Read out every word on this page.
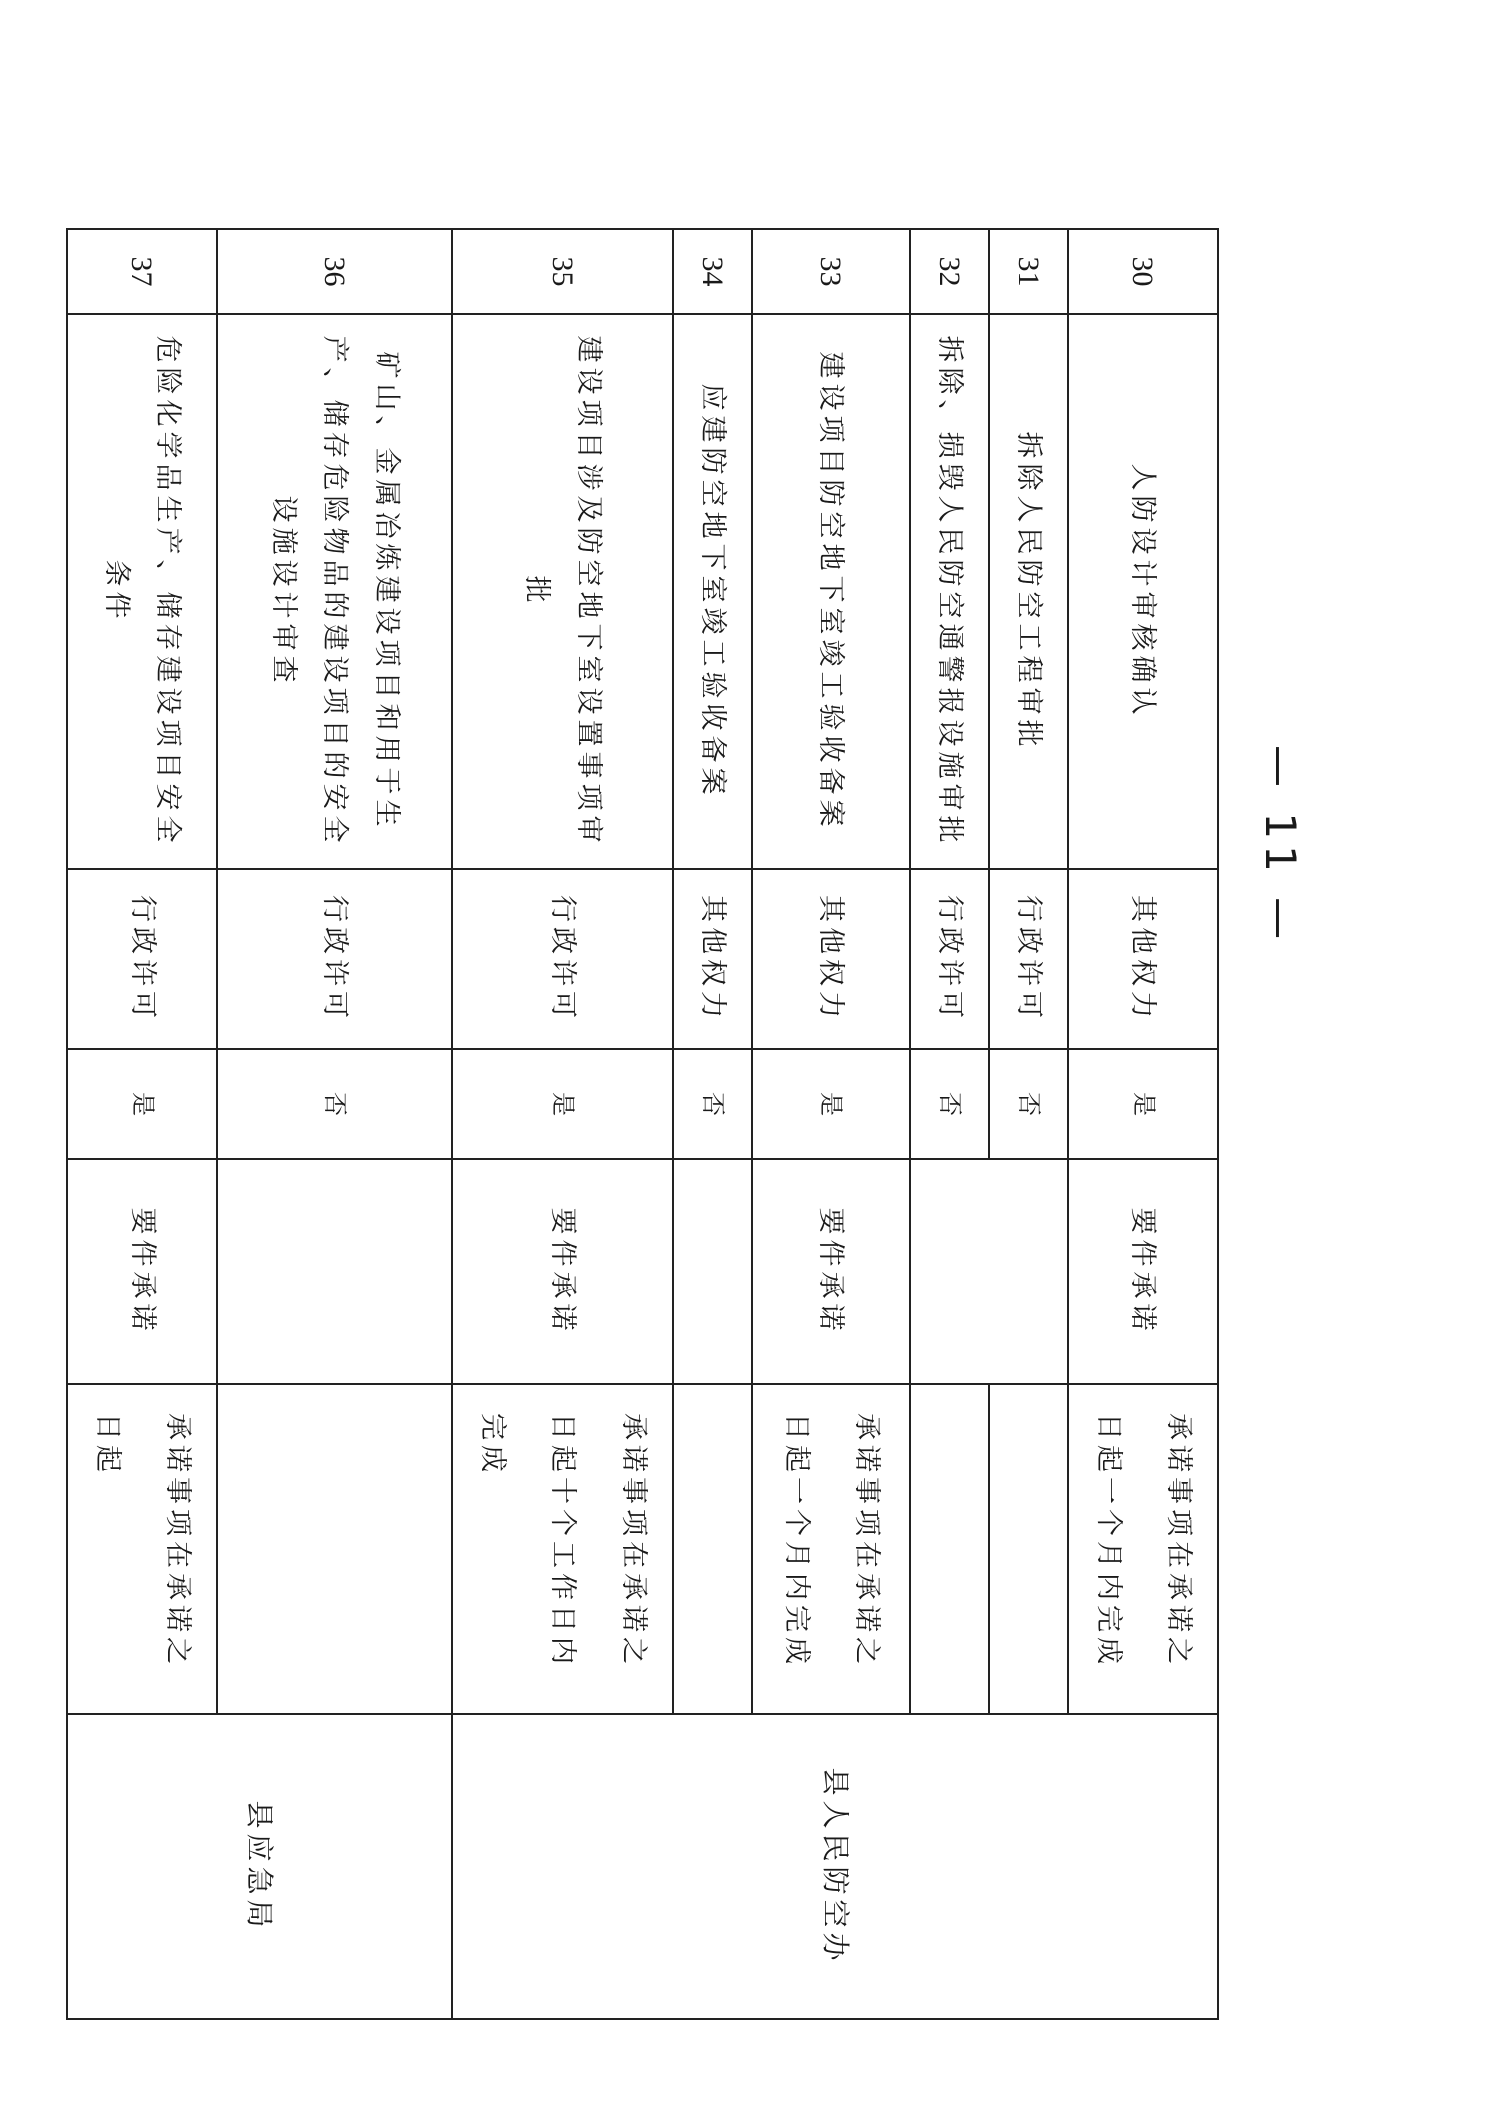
30	人防设计审核确认	其他权力	是	要件承诺	承诺事项在承诺之日起一个月内完成	县人民防空办
31	拆除人民防空工程审批	行政许可	否			
32	拆除、损毁人民防空通警报设施审批	行政许可	否			
33	建设项目防空地下室竣工验收备案	其他权力	是	要件承诺	承诺事项在承诺之日起一个月内完成	
34	应建防空地下室竣工验收备案	其他权力	否			
35	建设项目涉及防空地下室设置事项审批	行政许可	是	要件承诺	承诺事项在承诺之日起十个工作日内完成	
36	矿山、金属冶炼建设项目和用于生产、储存危险物品的建设项目的安全设施设计审查	行政许可	否			县应急局
37	危险化学品生产、储存建设项目安全条件	行政许可	是	要件承诺	承诺事项在承诺之日起	
— 11 —
